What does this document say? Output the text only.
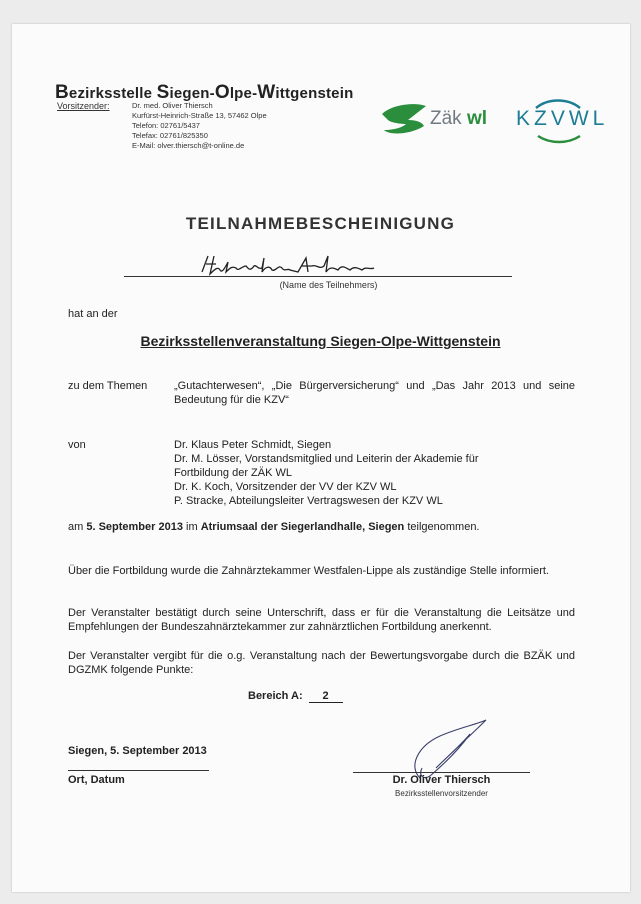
Bezirksstelle Siegen-Olpe-Wittgenstein
Vorsitzender:	Dr. med. Oliver Thiersch
Kurfürst-Heinrich-Straße 13, 57462 Olpe
Telefon: 02761/5437
Telefax: 02761/825350
E-Mail: olver.thiersch@t-online.de
Zäk wl KZVWL
TEILNAHMEBESCHEINIGUNG
(Name des Teilnehmers)
hat an der
Bezirksstellenveranstaltung Siegen-Olpe-Wittgenstein
zu dem Themen „Gutachterwesen“, „Die Bürgerversicherung“ und „Das Jahr 2013 und seine Bedeutung für die KZV“
von	Dr. Klaus Peter Schmidt, Siegen
Dr. M. Lösser, Vorstandsmitglied und Leiterin der Akademie für
Fortbildung der ZÄK WL
Dr. K. Koch, Vorsitzender der VV der KZV WL
P. Stracke, Abteilungsleiter Vertragswesen der KZV WL
am 5. September 2013 im Atriumsaal der Siegerlandhalle, Siegen teilgenommen.
Über die Fortbildung wurde die Zahnärztekammer Westfalen-Lippe als zuständige Stelle informiert.
Der Veranstalter bestätigt durch seine Unterschrift, dass er für die Veranstaltung die Leitsätze und Empfehlungen der Bundeszahnärztekammer zur zahnärztlichen Fortbildung anerkennt.
Der Veranstalter vergibt für die o.g. Veranstaltung nach der Bewertungsvorgabe durch die BZÄK und DGZMK folgende Punkte:
Bereich A: 2
Siegen, 5. September 2013
Ort, Datum	Dr. Oliver Thiersch
Bezirksstellenvorsitzender
